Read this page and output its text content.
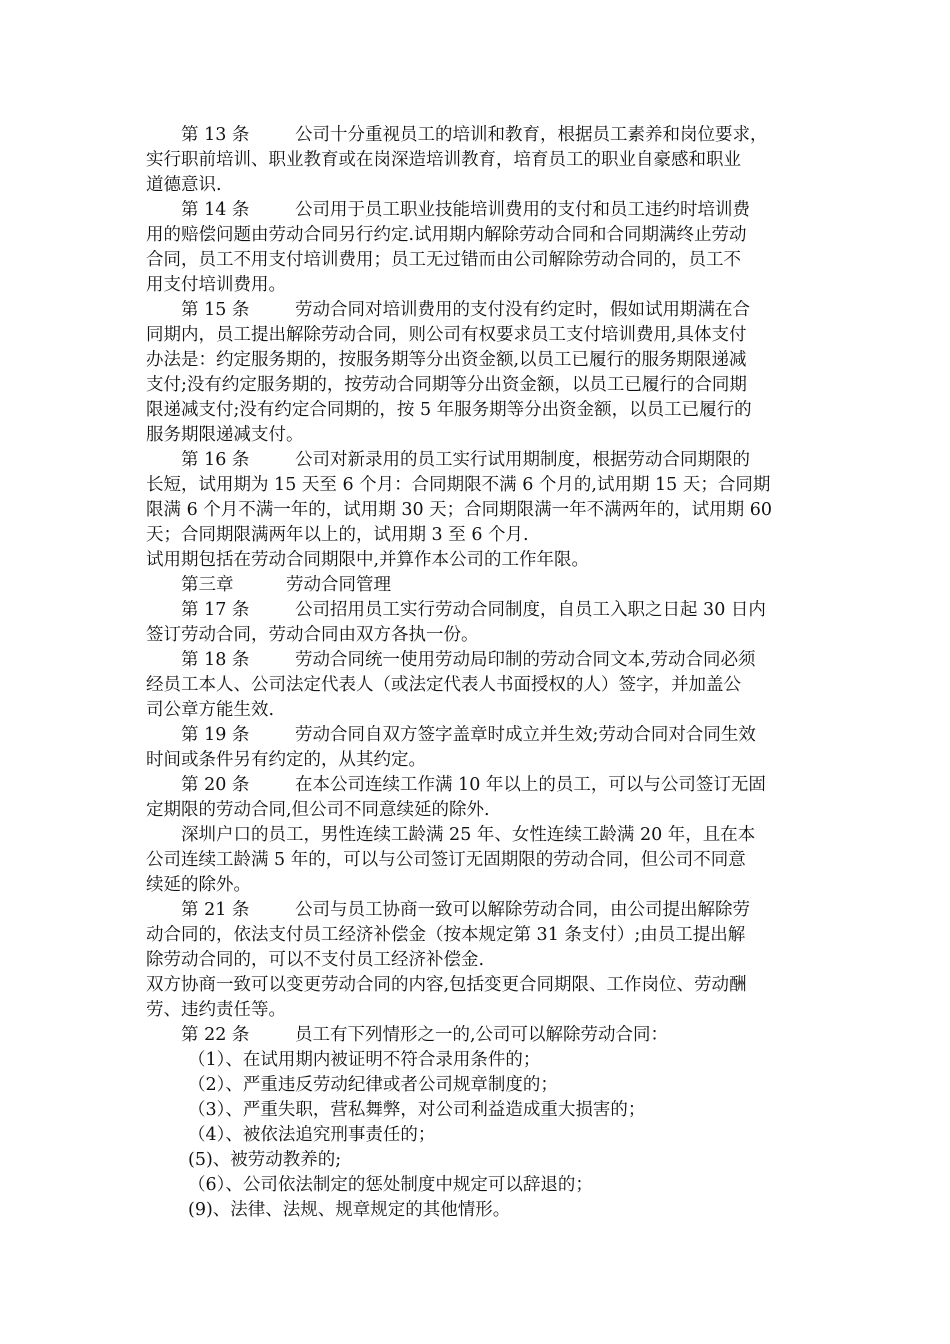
第 13 条	公司十分重视员工的培训和教育，根据员工素养和岗位要求，
实行职前培训、职业教育或在岗深造培训教育，培育员工的职业自豪感和职业
道德意识.
第 14 条	公司用于员工职业技能培训费用的支付和员工违约时培训费
用的赔偿问题由劳动合同另行约定.试用期内解除劳动合同和合同期满终止劳动
合同，员工不用支付培训费用；员工无过错而由公司解除劳动合同的，员工不
用支付培训费用。
第 15 条	劳动合同对培训费用的支付没有约定时，假如试用期满在合
同期内，员工提出解除劳动合同，则公司有权要求员工支付培训费用,具体支付
办法是：约定服务期的，按服务期等分出资金额,以员工已履行的服务期限递减
支付;没有约定服务期的，按劳动合同期等分出资金额，以员工已履行的合同期
限递减支付;没有约定合同期的，按 5 年服务期等分出资金额，以员工已履行的
服务期限递减支付。
第 16 条	公司对新录用的员工实行试用期制度，根据劳动合同期限的
长短，试用期为 15 天至 6 个月：合同期限不满 6 个月的,试用期 15 天；合同期
限满 6 个月不满一年的，试用期 30 天；合同期限满一年不满两年的，试用期 60
天；合同期限满两年以上的，试用期 3 至 6 个月.
试用期包括在劳动合同期限中,并算作本公司的工作年限。
第三章	劳动合同管理
第 17 条	公司招用员工实行劳动合同制度，自员工入职之日起 30 日内
签订劳动合同，劳动合同由双方各执一份。
第 18 条	劳动合同统一使用劳动局印制的劳动合同文本,劳动合同必须
经员工本人、公司法定代表人（或法定代表人书面授权的人）签字，并加盖公
司公章方能生效.
第 19 条	劳动合同自双方签字盖章时成立并生效;劳动合同对合同生效
时间或条件另有约定的，从其约定。
第 20 条	在本公司连续工作满 10 年以上的员工，可以与公司签订无固
定期限的劳动合同,但公司不同意续延的除外.
深圳户口的员工，男性连续工龄满 25 年、女性连续工龄满 20 年，且在本
公司连续工龄满 5 年的，可以与公司签订无固期限的劳动合同，但公司不同意
续延的除外。
第 21 条	公司与员工协商一致可以解除劳动合同，由公司提出解除劳
动合同的，依法支付员工经济补偿金（按本规定第 31 条支付）;由员工提出解
除劳动合同的，可以不支付员工经济补偿金.
双方协商一致可以变更劳动合同的内容,包括变更合同期限、工作岗位、劳动酬
劳、违约责任等。
第 22 条	员工有下列情形之一的,公司可以解除劳动合同：
（1）、在试用期内被证明不符合录用条件的；
（2）、严重违反劳动纪律或者公司规章制度的；
（3）、严重失职，营私舞弊，对公司利益造成重大损害的；
（4）、被依法追究刑事责任的；
(5)、被劳动教养的;
（6）、公司依法制定的惩处制度中规定可以辞退的；
(9)、法律、法规、规章规定的其他情形。
